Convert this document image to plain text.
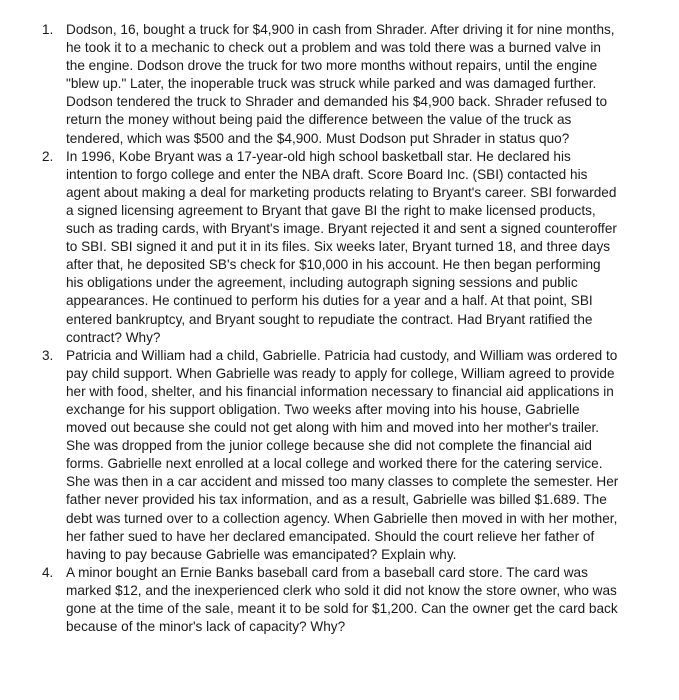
1. Dodson, 16, bought a truck for $4,900 in cash from Shrader. After driving it for nine months, he took it to a mechanic to check out a problem and was told there was a burned valve in the engine. Dodson drove the truck for two more months without repairs, until the engine "blew up." Later, the inoperable truck was struck while parked and was damaged further. Dodson tendered the truck to Shrader and demanded his $4,900 back. Shrader refused to return the money without being paid the difference between the value of the truck as tendered, which was $500 and the $4,900. Must Dodson put Shrader in status quo?
2. In 1996, Kobe Bryant was a 17-year-old high school basketball star. He declared his intention to forgo college and enter the NBA draft. Score Board Inc. (SBI) contacted his agent about making a deal for marketing products relating to Bryant's career. SBI forwarded a signed licensing agreement to Bryant that gave BI the right to make licensed products, such as trading cards, with Bryant's image. Bryant rejected it and sent a signed counteroffer to SBI. SBI signed it and put it in its files. Six weeks later, Bryant turned 18, and three days after that, he deposited SB's check for $10,000 in his account. He then began performing his obligations under the agreement, including autograph signing sessions and public appearances. He continued to perform his duties for a year and a half. At that point, SBI entered bankruptcy, and Bryant sought to repudiate the contract. Had Bryant ratified the contract? Why?
3. Patricia and William had a child, Gabrielle. Patricia had custody, and William was ordered to pay child support. When Gabrielle was ready to apply for college, William agreed to provide her with food, shelter, and his financial information necessary to financial aid applications in exchange for his support obligation. Two weeks after moving into his house, Gabrielle moved out because she could not get along with him and moved into her mother's trailer. She was dropped from the junior college because she did not complete the financial aid forms. Gabrielle next enrolled at a local college and worked there for the catering service. She was then in a car accident and missed too many classes to complete the semester. Her father never provided his tax information, and as a result, Gabrielle was billed $1.689. The debt was turned over to a collection agency. When Gabrielle then moved in with her mother, her father sued to have her declared emancipated. Should the court relieve her father of having to pay because Gabrielle was emancipated? Explain why.
4. A minor bought an Ernie Banks baseball card from a baseball card store. The card was marked $12, and the inexperienced clerk who sold it did not know the store owner, who was gone at the time of the sale, meant it to be sold for $1,200. Can the owner get the card back because of the minor's lack of capacity? Why?
